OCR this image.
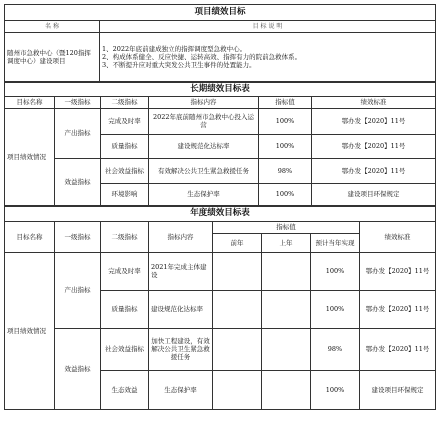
项目绩效目标	
名 称	目 标 说 明
随州市急救中心（暨120指挥调度中心）建设项目	1、2022年底前建成独立的指挥调度型急救中心。
2、构成体系健全、反应快捷、运转高效、指挥有力的院前急救体系。
3、不断提升应对重大突发公共卫生事件的处置能力。
长期绩效目标表					
目标名称	一级指标	二级指标	指标内容	指标值	绩效标准
项目绩效情况	产出指标	完成及时率	2022年底前随州市急救中心投入运营	100%	鄂办发【2020】11号
		质量指标	建设规范化达标率	100%	鄂办发【2020】11号
	效益指标	社会效益指标	有效解决公共卫生紧急救援任务	98%	鄂办发【2020】11号
		环境影响	生态保护率	100%	建设项目环保规定
年度绩效目标表							
目标名称	一级指标	二级指标	指标内容	指标值			绩效标准
				前年	上年	预计当年实现	
项目绩效情况	产出指标	完成及时率	2021年完成主体建设			100%	鄂办发【2020】11号
		质量指标	建设规范化达标率			100%	鄂办发【2020】11号
	效益指标	社会效益指标	加快工程建设，有效解决公共卫生紧急救援任务			98%	鄂办发【2020】11号
		生态效益	生态保护率			100%	建设项目环保规定
